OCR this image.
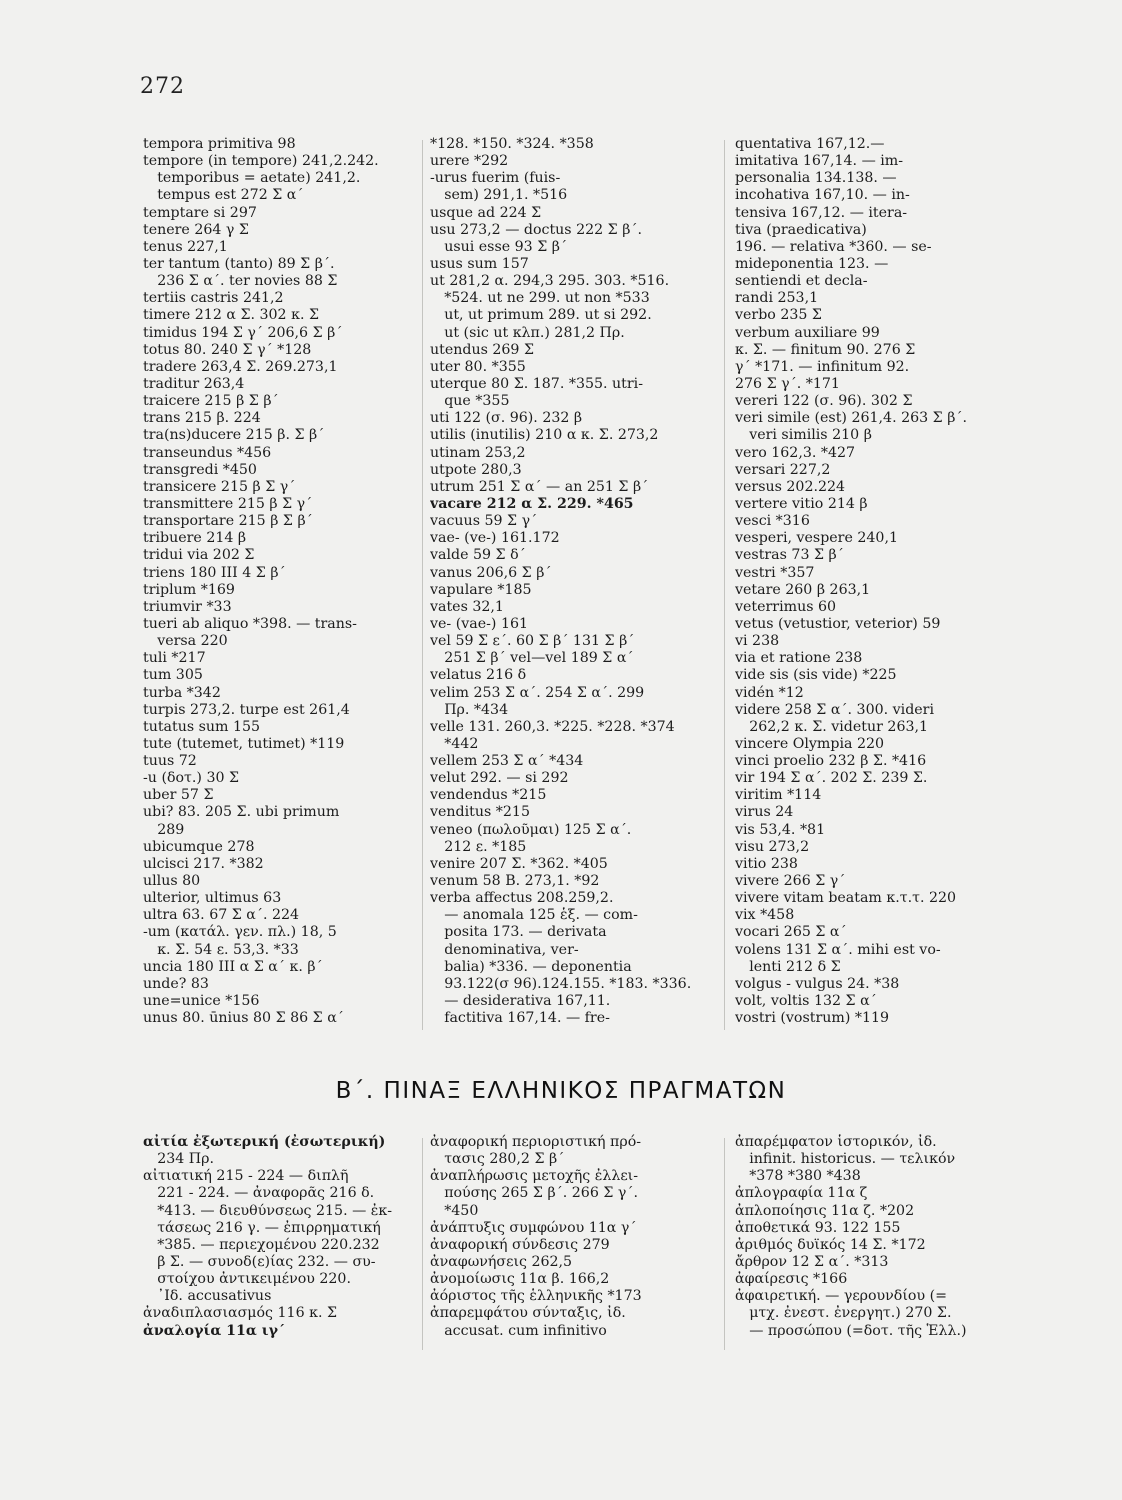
272
tempora primitiva 98
tempore (in tempore) 241,2.242.
 temporibus = aetate) 241,2.
 tempus est 272 Σ α΄
temptare si 297
tenere 264 γ Σ
tenus 227,1
ter tantum (tanto) 89 Σ β΄.
 236 Σ α΄. ter novies 88 Σ
tertiis castris 241,2
timere 212 α Σ. 302 κ. Σ
timidus 194 Σ γ΄ 206,6 Σ β΄
totus 80. 240 Σ γ΄ *128
tradere 263,4 Σ. 269.273,1
traditur 263,4
traicere 215 β Σ β΄
trans 215 β. 224
tra(ns)ducere 215 β. Σ β΄
transeundus *456
transgredi *450
transicere 215 β Σ γ΄
transmittere 215 β Σ γ΄
transportare 215 β Σ β΄
tribuere 214 β
tridui via 202 Σ
triens 180 III 4 Σ β΄
triplum *169
triumvir *33
tueri ab aliquo *398. — trans-
 versa 220
tuli *217
tum 305
turba *342
turpis 273,2. turpe est 261,4
tutatus sum 155
tute (tutemet, tutimet) *119
tuus 72
-u (δοτ.) 30 Σ
uber 57 Σ
ubi? 83. 205 Σ. ubi primum
 289
ubicumque 278
ulcisci 217. *382
ullus 80
ulterior, ultimus 63
ultra 63. 67 Σ α΄. 224
-um (κατάλ. γεν. πλ.) 18, 5
 κ. Σ. 54 ε. 53,3. *33
uncia 180 III α Σ α΄ κ. β΄
unde? 83
une=unice *156
unus 80. ūnius 80 Σ 86 Σ α΄
*128. *150. *324. *358
urere *292
-urus fuerim (fuis-
 sem) 291,1. *516
usque ad 224 Σ
usu 273,2 — doctus 222 Σ β΄.
 usui esse 93 Σ β΄
usus sum 157
ut 281,2 α. 294,3 295. 303. *516.
 *524. ut ne 299. ut non *533
 ut, ut primum 289. ut si 292.
 ut (sic ut κλπ.) 281,2 Πρ.
utendus 269 Σ
uter 80. *355
uterque 80 Σ. 187. *355. utri-
 que *355
uti 122 (σ. 96). 232 β
utilis (inutilis) 210 α κ. Σ. 273,2
utinam 253,2
utpote 280,3
utrum 251 Σ α΄ — an 251 Σ β΄
vacare 212 α Σ. 229. *465
vacuus 59 Σ γ΄
vae- (ve-) 161.172
valde 59 Σ δ΄
vanus 206,6 Σ β΄
vapulare *185
vates 32,1
ve- (vae-) 161
vel 59 Σ ε΄. 60 Σ β΄ 131 Σ β΄
 251 Σ β΄ vel—vel 189 Σ α΄
velatus 216 δ
velim 253 Σ α΄. 254 Σ α΄. 299
 Πρ. *434
velle 131. 260,3. *225. *228. *374
 *442
vellem 253 Σ α΄ *434
velut 292. — si 292
vendendus *215
venditus *215
veneo (πωλοῦμαι) 125 Σ α΄.
 212 ε. *185
venire 207 Σ. *362. *405
venum 58 Β. 273,1. *92
verba affectus 208.259,2.
 — anomala 125 ἑξ. — com-
 posita 173. — derivata
 denominativa, ver-
 balia) *336. — deponentia
 93.122(σ 96).124.155. *183. *336.
 — desiderativa 167,11.
 factitiva 167,14. — fre-
quentativa 167,12.—
imitativa 167,14. — im-
personalia 134.138. —
incohativa 167,10. — in-
tensiva 167,12. — itera-
tiva (praedicativa)
196. — relativa *360. — se-
mideponentia 123. —
sentiendi et decla-
randi 253,1
verbo 235 Σ
verbum auxiliare 99
κ. Σ. — finitum 90. 276 Σ
γ΄ *171. — infinitum 92.
276 Σ γ΄. *171
vereri 122 (σ. 96). 302 Σ
veri simile (est) 261,4. 263 Σ β΄.
 veri similis 210 β
vero 162,3. *427
versari 227,2
versus 202.224
vertere vitio 214 β
vesci *316
vesperi, vespere 240,1
vestras 73 Σ β΄
vestri *357
vetare 260 β 263,1
veterrimus 60
vetus (vetustior, veterior) 59
vi 238
via et ratione 238
vide sis (sis vide) *225
vidén *12
videre 258 Σ α΄. 300. videri
 262,2 κ. Σ. videtur 263,1
vincere Olympia 220
vinci proelio 232 β Σ. *416
vir 194 Σ α΄. 202 Σ. 239 Σ.
viritim *114
virus 24
vis 53,4. *81
visu 273,2
vitio 238
vivere 266 Σ γ΄
vivere vitam beatam κ.τ.τ. 220
vix *458
vocari 265 Σ α΄
volens 131 Σ α΄. mihi est vo-
 lenti 212 δ Σ
volgus - vulgus 24. *38
volt, voltis 132 Σ α΄
vostri (vostrum) *119
Β΄. ΠΙΝΑΞ ΕΛΛΗΝΙΚΟΣ ΠΡΑΓΜΑΤΩΝ
αἰτία ἐξωτερική (ἐσωτερική)
 234 Πρ.
αἰτιατική 215 - 224 — διπλῆ
 221 - 224. — ἀναφορᾶς 216 δ.
 *413. — διευθύνσεως 215. — ἐκ-
 τάσεως 216 γ. — ἐπιρρηματική
 *385. — περιεχομένου 220.232
 β Σ. — συνοδ(ε)ίας 232. — συ-
 στοίχου ἀντικειμένου 220.
 ᾿Ιδ. accusativus
ἀναδιπλασιασμός 116 κ. Σ
ἀναλογία 11α ιγ΄
ἀναφορική περιοριστική πρό-
 τασις 280,2 Σ β΄
ἀναπλήρωσις μετοχῆς ἐλλει-
 πούσης 265 Σ β΄. 266 Σ γ΄.
 *450
ἀνάπτυξις συμφώνου 11α γ΄
ἀναφορική σύνδεσις 279
ἀναφωνήσεις 262,5
ἀνομοίωσις 11α β. 166,2
ἀόριστος τῆς ἑλληνικῆς *173
ἀπαρεμφάτου σύνταξις, ἰδ.
 accusat. cum infinitivo
ἀπαρέμφατον ἱστορικόν, ἰδ.
 infinit. historicus. — τελικόν
 *378 *380 *438
ἀπλογραφία 11α ζ
ἀπλοποίησις 11α ζ. *202
ἀποθετικά 93. 122 155
ἀριθμός δυϊκός 14 Σ. *172
ἄρθρον 12 Σ α΄. *313
ἀφαίρεσις *166
ἀφαιρετική. — γερουνδίου (=
 μτχ. ἐνεστ. ἐνεργητ.) 270 Σ.
 — προσώπου (=δοτ. τῆς Ἑλλ.)
